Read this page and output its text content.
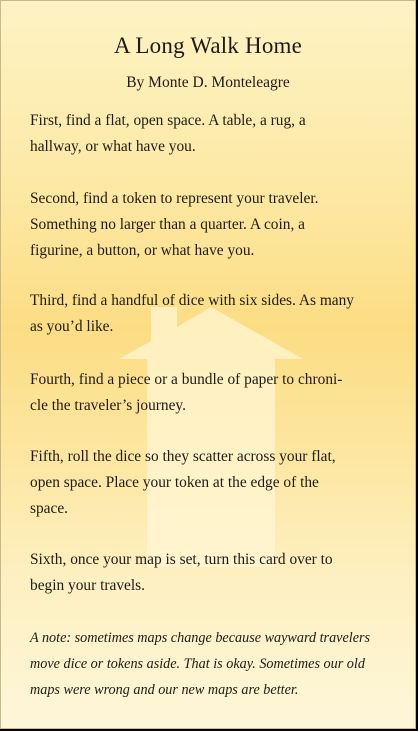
A Long Walk Home
By Monte D. Monteleagre

First, find a flat, open space. A table, a rug, a
hallway, or what have you.

Second, find a token to represent your traveler.
Something no larger than a quarter. A coin, a
figurine, a button, or what have you.

Third, find a handful of dice with six sides. As many
as you’d like.

Fourth, find a piece or a bundle of paper to chroni-
cle the traveler’s journey.

Fifth, roll the dice so they scatter across your flat,
open space. Place your token at the edge of the
space.

Sixth, once your map is set, turn this card over to
begin your travels.

A note: sometimes maps change because wayward travelers
move dice or tokens aside. That is okay. Sometimes our old
maps were wrong and our new maps are better.
